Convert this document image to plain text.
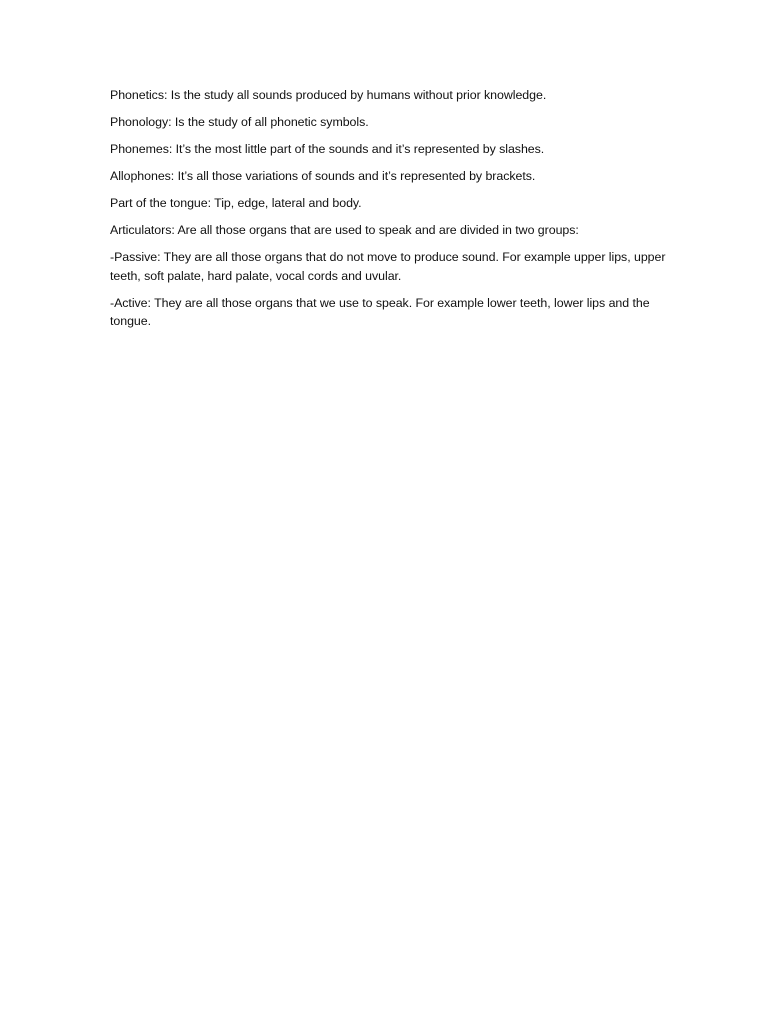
Phonetics: Is the study all sounds produced by humans without prior knowledge.

Phonology: Is the study of all phonetic symbols.

Phonemes: It’s the most little part of the sounds and it’s represented by slashes.

Allophones: It’s all those variations of sounds and it’s represented by brackets.

Part of the tongue: Tip, edge, lateral and body.

Articulators: Are all those organs that are used to speak and are divided in two groups:

-Passive: They are all those organs that do not move to produce sound. For example upper lips, upper teeth, soft palate, hard palate, vocal cords and uvular.

-Active: They are all those organs that we use to speak. For example lower teeth, lower lips and the tongue.
